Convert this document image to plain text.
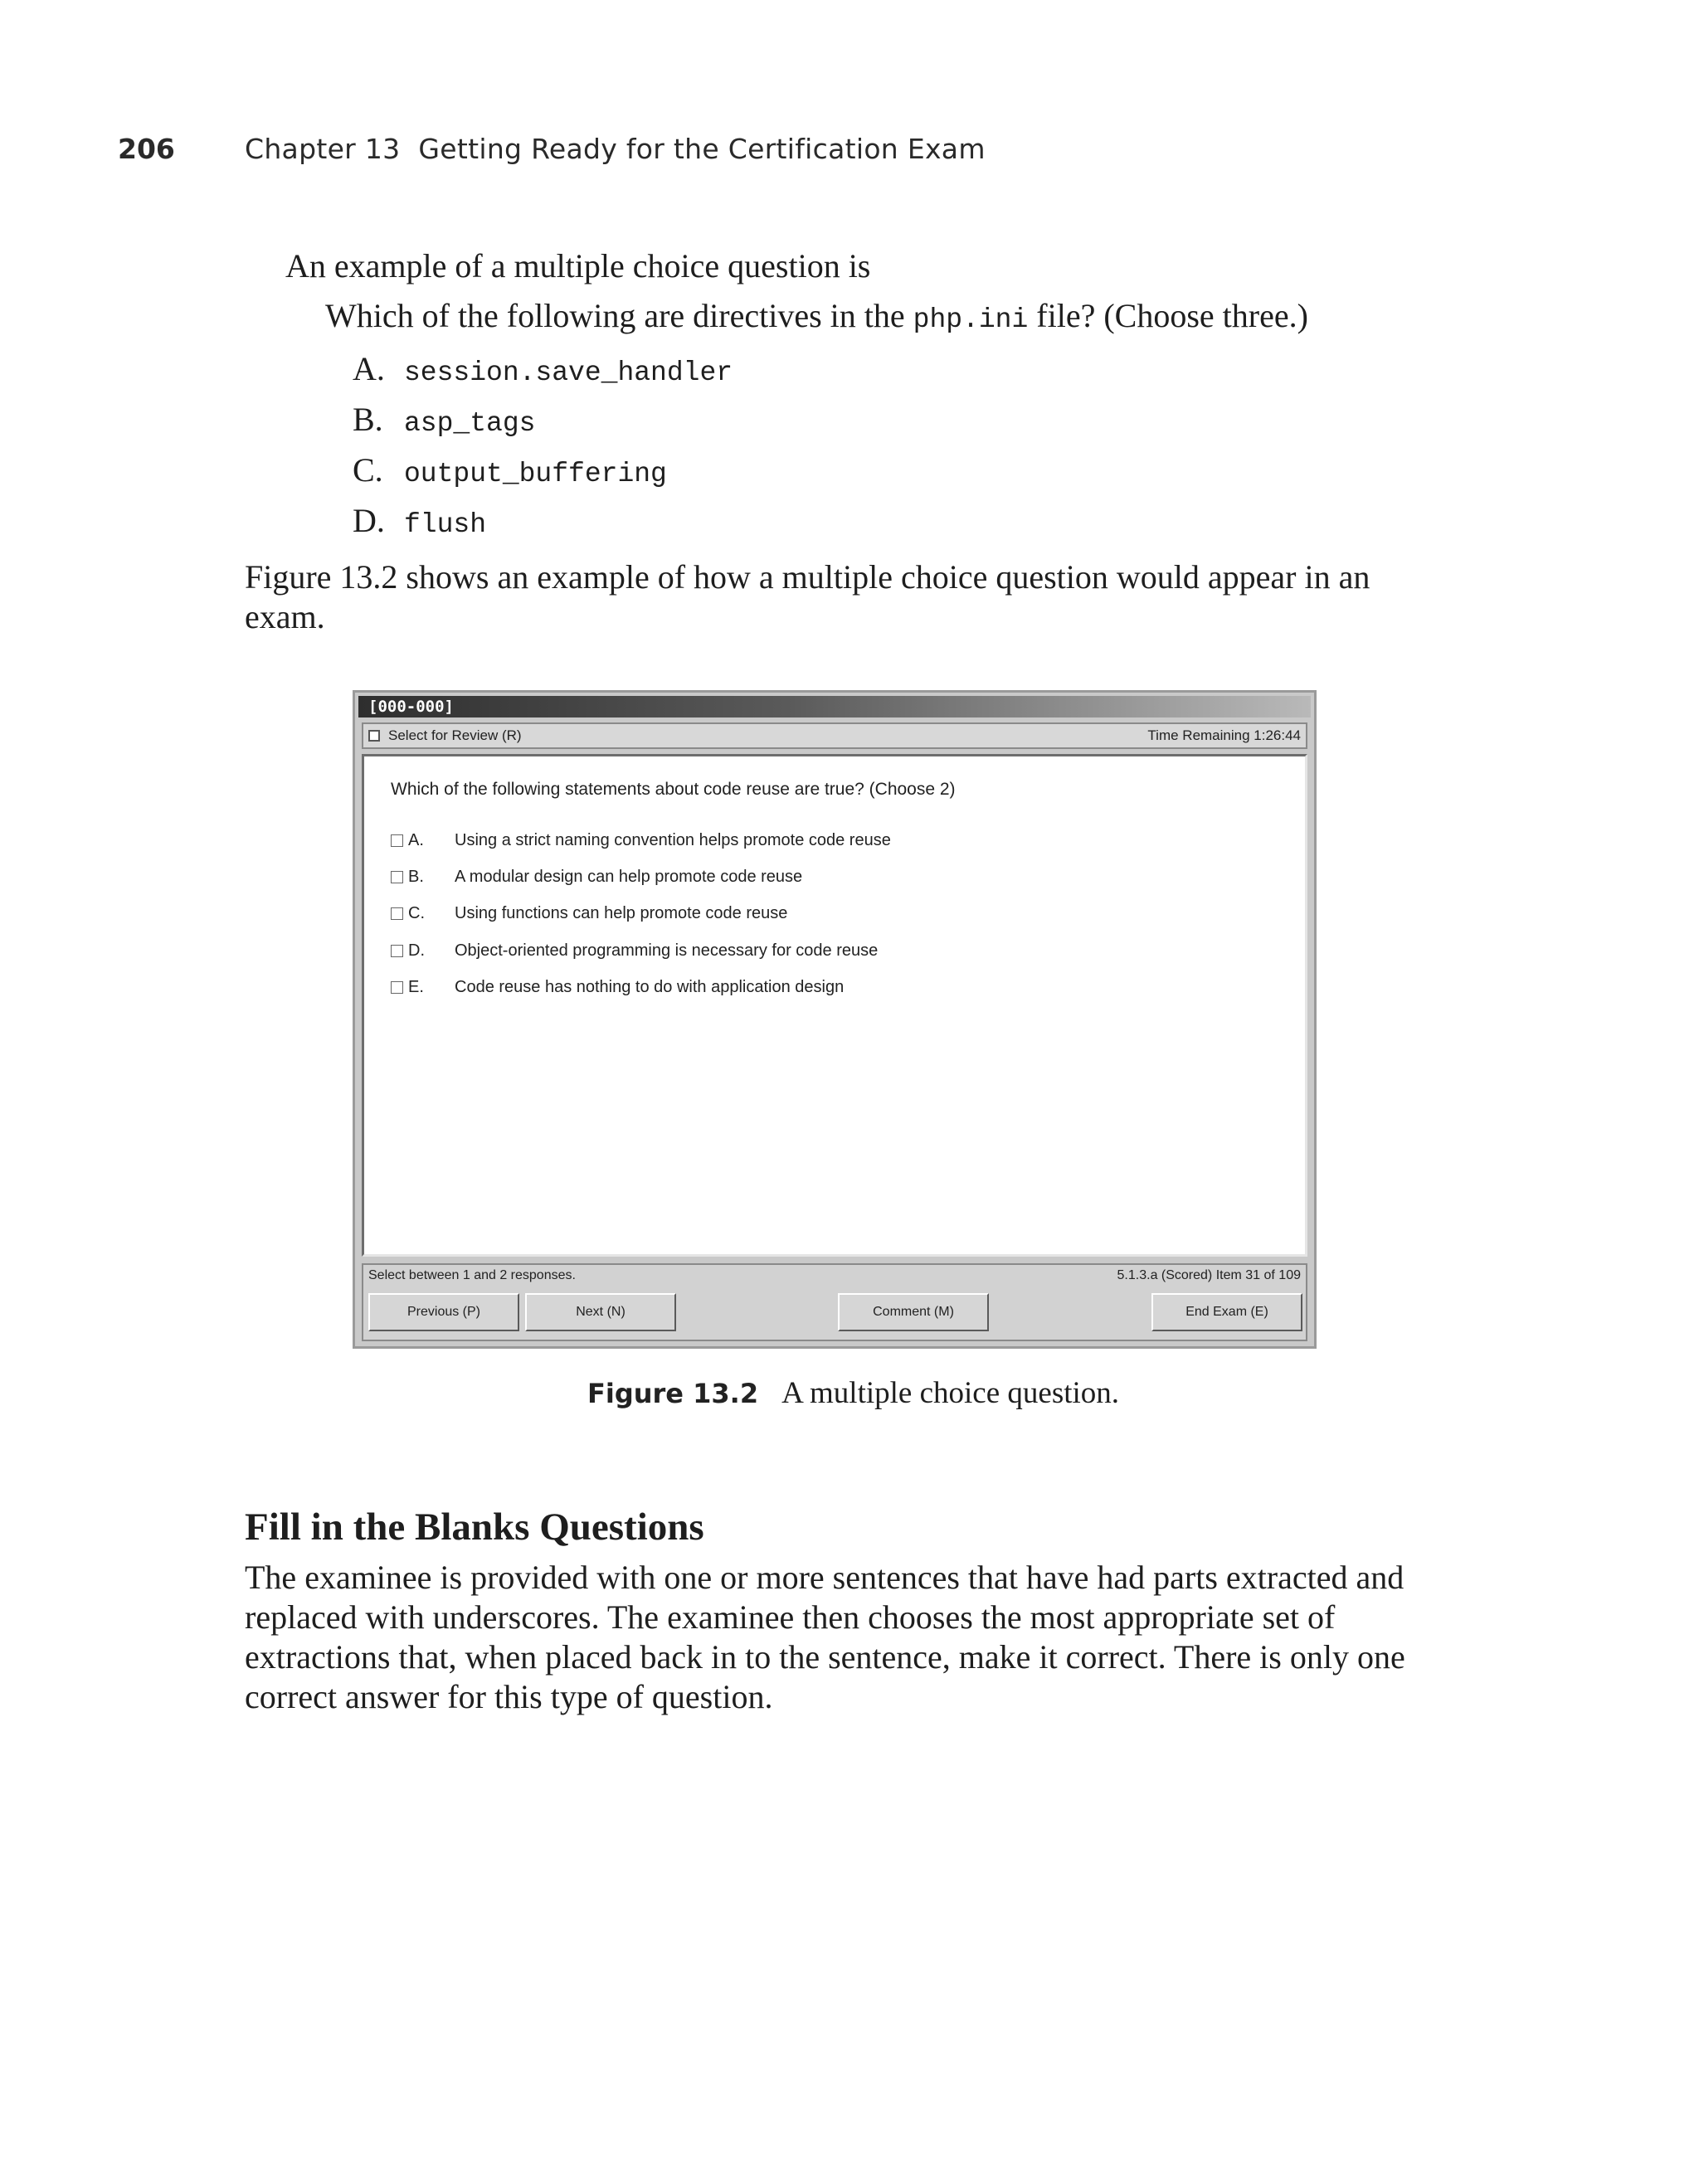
206	Chapter 13 Getting Ready for the Certification Exam
An example of a multiple choice question is
Which of the following are directives in the php.ini file? (Choose three.)
A. session.save_handler
B. asp_tags
C. output_buffering
D. flush
Figure 13.2 shows an example of how a multiple choice question would appear in an exam.
[000-000]
Select for Review (R)	Time Remaining 1:26:44
Which of the following statements about code reuse are true? (Choose 2)
A. Using a strict naming convention helps promote code reuse
B. A modular design can help promote code reuse
C. Using functions can help promote code reuse
D. Object-oriented programming is necessary for code reuse
E. Code reuse has nothing to do with application design
Select between 1 and 2 responses.	5.1.3.a (Scored) Item 31 of 109
Previous (P)	Next (N)	Comment (M)	End Exam (E)
Figure 13.2 A multiple choice question.
Fill in the Blanks Questions
The examinee is provided with one or more sentences that have had parts extracted and replaced with underscores. The examinee then chooses the most appropriate set of extractions that, when placed back in to the sentence, make it correct. There is only one correct answer for this type of question.
